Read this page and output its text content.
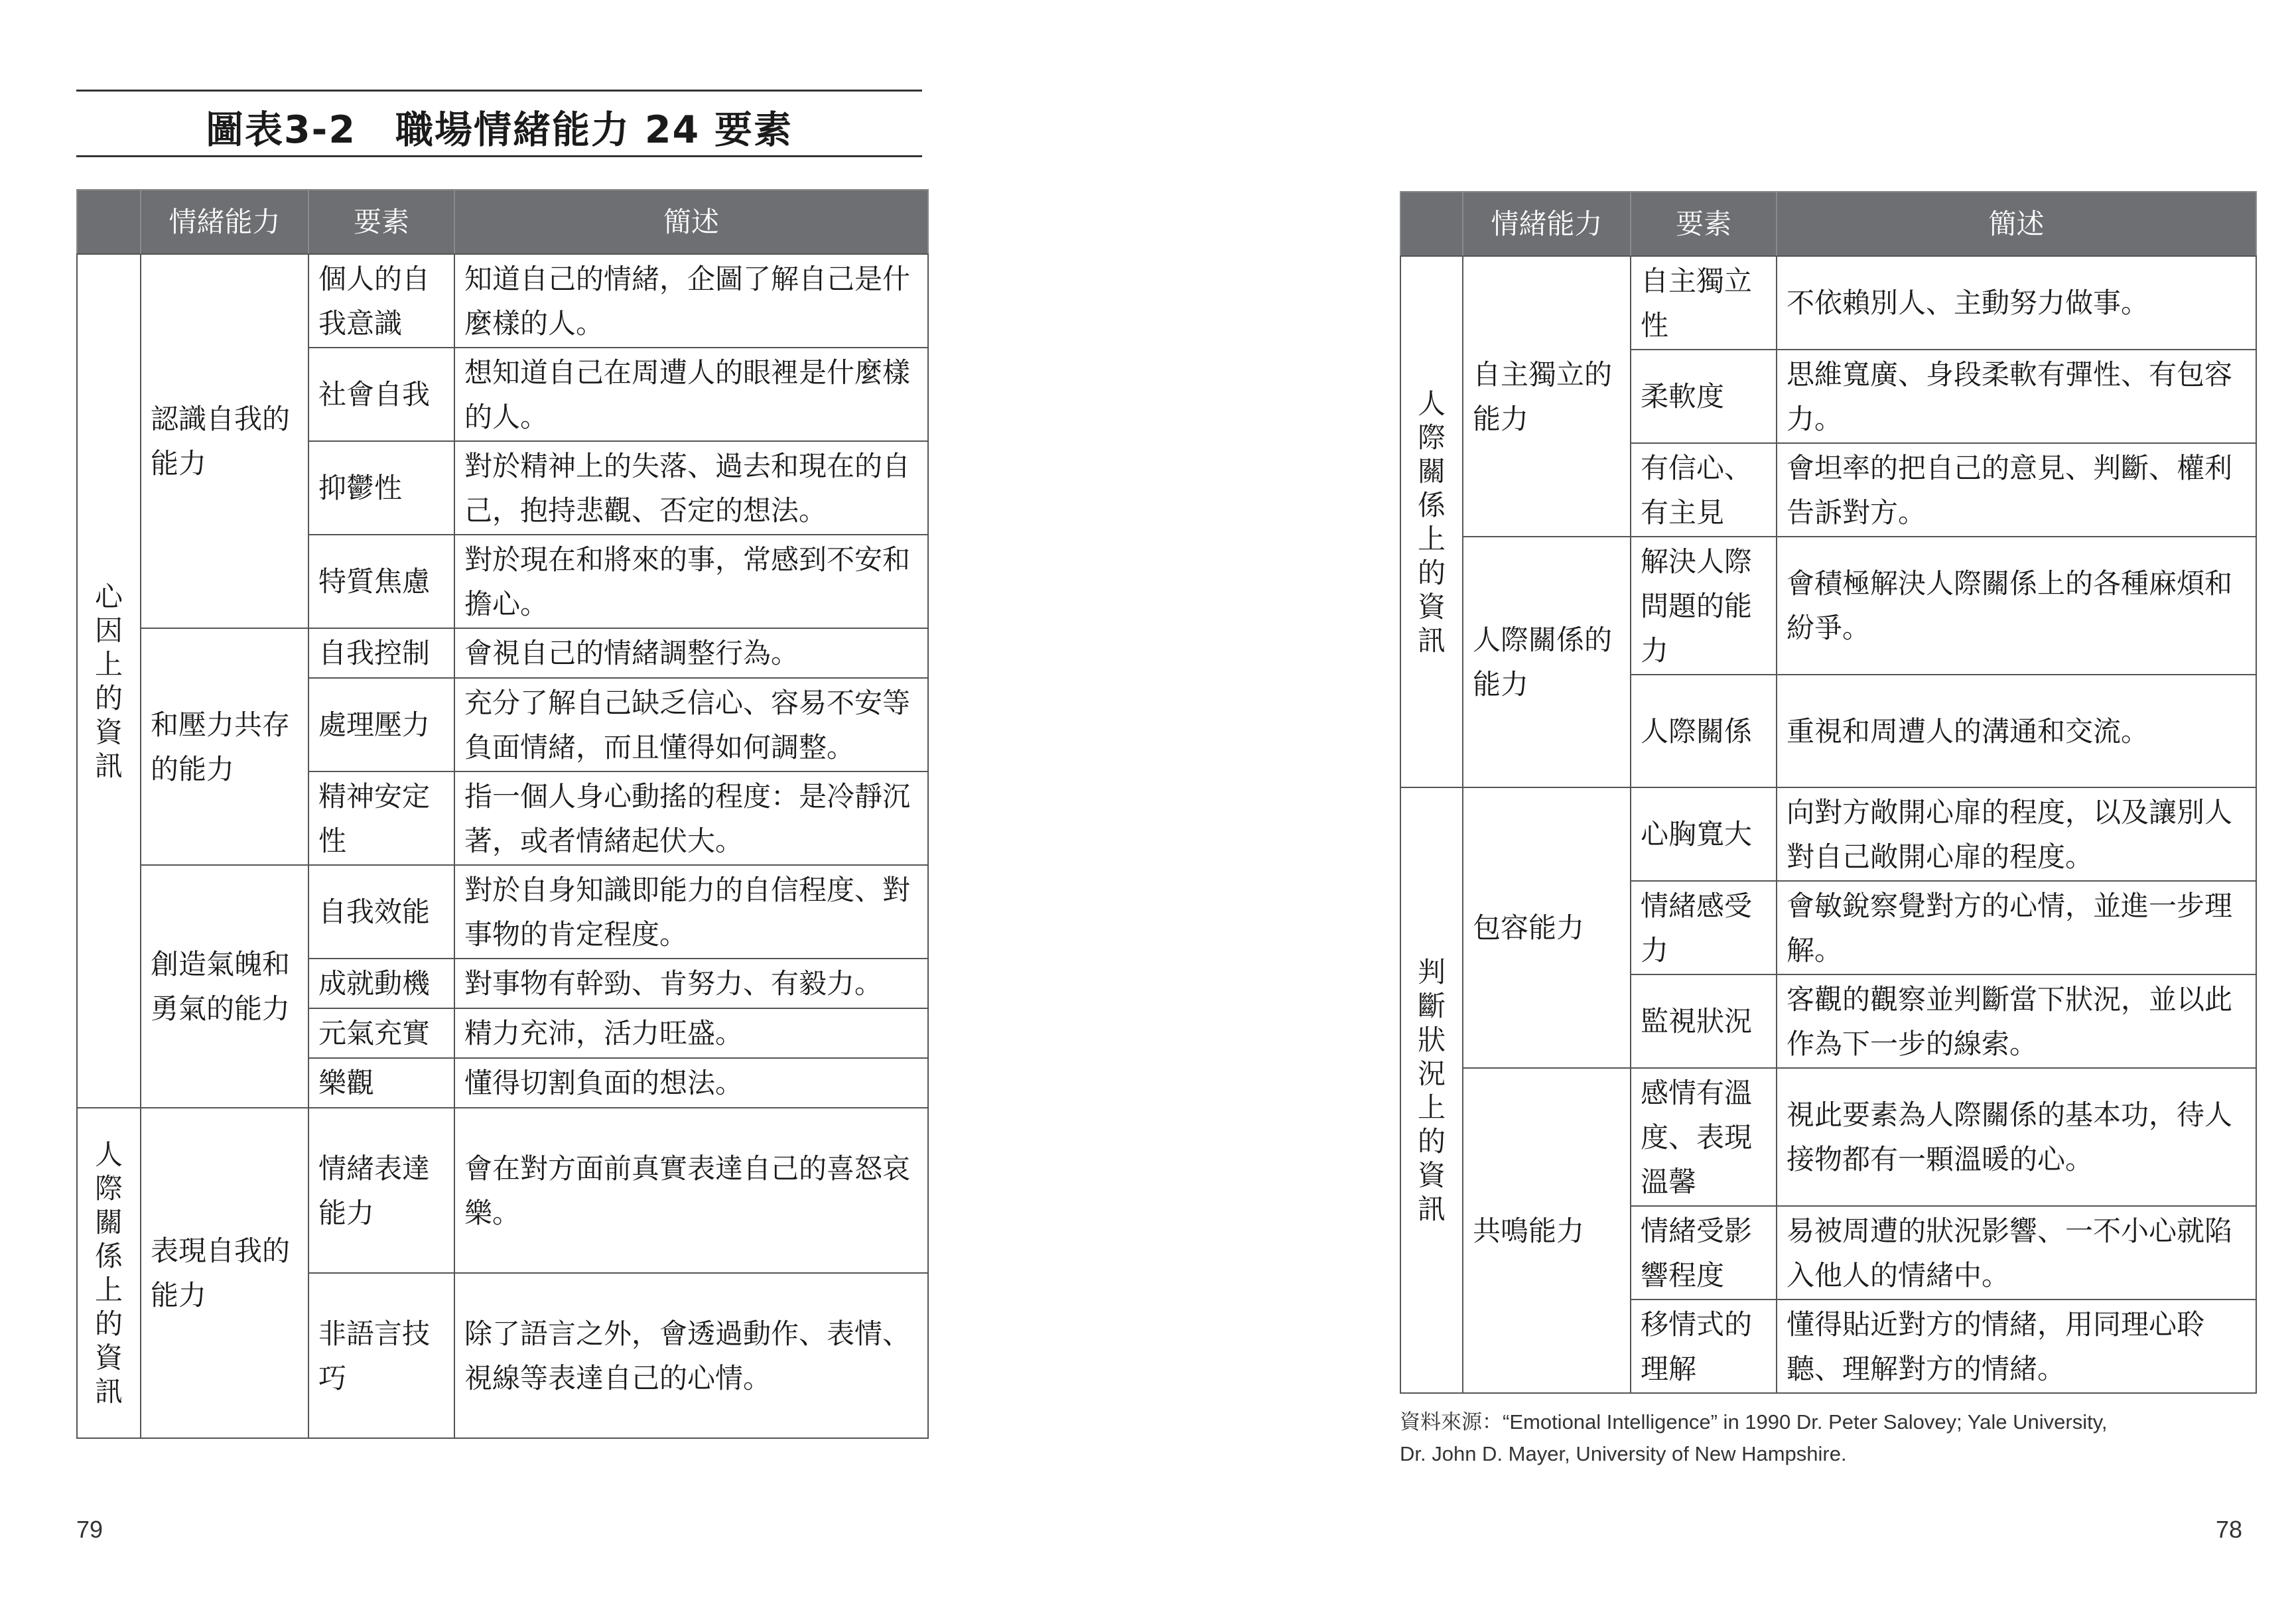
圖表3-2　職場情緒能力 24 要素
	情緒能力	要素	簡述

心因上的資訊	認識自我的能力	個人的自我意識	知道自己的情緒，企圖了解自己是什麼樣的人。
		社會自我	想知道自己在周遭人的眼裡是什麼樣的人。
		抑鬱性	對於精神上的失落、過去和現在的自己，抱持悲觀、否定的想法。
		特質焦慮	對於現在和將來的事，常感到不安和擔心。
	和壓力共存的能力	自我控制	會視自己的情緒調整行為。
		處理壓力	充分了解自己缺乏信心、容易不安等負面情緒，而且懂得如何調整。
		精神安定性	指一個人身心動搖的程度：是冷靜沉著，或者情緒起伏大。
	創造氣魄和勇氣的能力	自我效能	對於自身知識即能力的自信程度、對事物的肯定程度。
		成就動機	對事物有幹勁、肯努力、有毅力。
		元氣充實	精力充沛，活力旺盛。
		樂觀	懂得切割負面的想法。

人際關係上的資訊	表現自我的能力	情緒表達能力	會在對方面前真實表達自己的喜怒哀樂。
		非語言技巧	除了語言之外，會透過動作、表情、視線等表達自己的心情。
	情緒能力	要素	簡述

人際關係上的資訊	自主獨立的能力	自主獨立性	不依賴別人、主動努力做事。
		柔軟度	思維寬廣、身段柔軟有彈性、有包容力。
		有信心、有主見	會坦率的把自己的意見、判斷、權利告訴對方。
	人際關係的能力	解決人際問題的能力	會積極解決人際關係上的各種麻煩和紛爭。
		人際關係	重視和周遭人的溝通和交流。

判斷狀況上的資訊	包容能力	心胸寬大	向對方敞開心扉的程度，以及讓別人對自己敞開心扉的程度。
		情緒感受力	會敏銳察覺對方的心情，並進一步理解。
		監視狀況	客觀的觀察並判斷當下狀況，並以此作為下一步的線索。
	共鳴能力	感情有溫度、表現溫馨	視此要素為人際關係的基本功，待人接物都有一顆溫暖的心。
		情緒受影響程度	易被周遭的狀況影響、一不小心就陷入他人的情緒中。
		移情式的理解	懂得貼近對方的情緒，用同理心聆聽、理解對方的情緒。
資料來源：“Emotional Intelligence” in 1990 Dr. Peter Salovey; Yale University,
Dr. John D. Mayer, University of New Hampshire.
79	78
